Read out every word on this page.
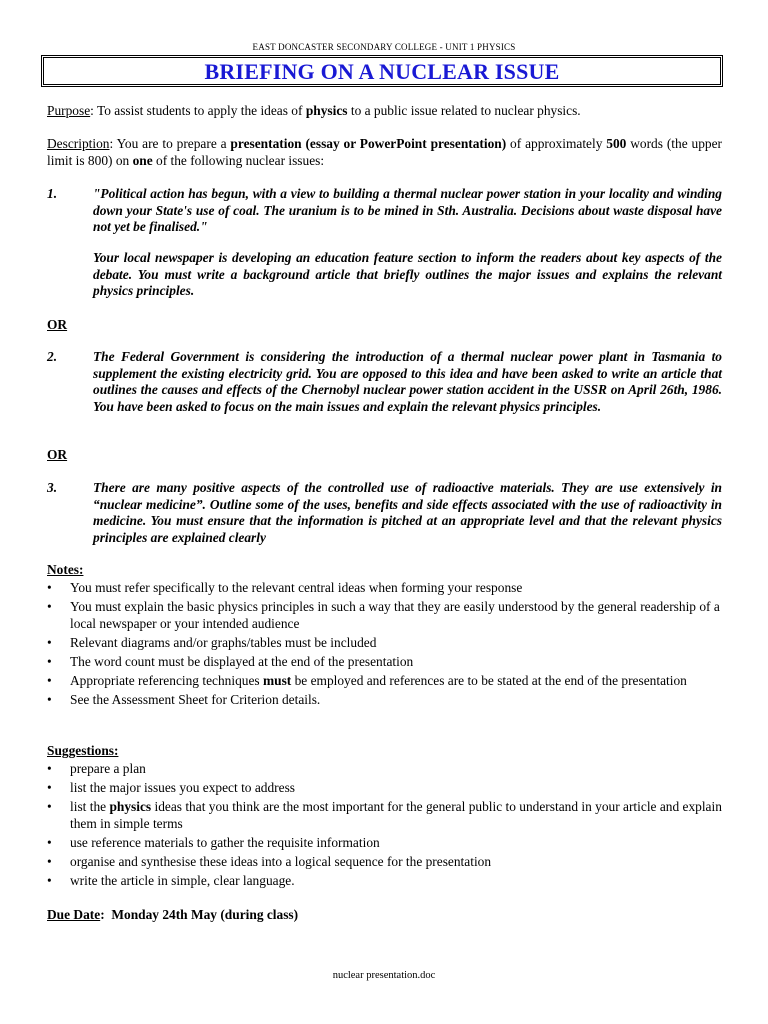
EAST DONCASTER SECONDARY COLLEGE - UNIT 1 PHYSICS
BRIEFING ON A NUCLEAR ISSUE
Purpose: To assist students to apply the ideas of physics to a public issue related to nuclear physics.
Description: You are to prepare a presentation (essay or PowerPoint presentation) of approximately 500 words (the upper limit is 800) on one of the following nuclear issues:
1.	"Political action has begun, with a view to building a thermal nuclear power station in your locality and winding down your State's use of coal. The uranium is to be mined in Sth. Australia. Decisions about waste disposal have not yet be finalised."
Your local newspaper is developing an education feature section to inform the readers about key aspects of the debate. You must write a background article that briefly outlines the major issues and explains the relevant physics principles.
OR
2.	The Federal Government is considering the introduction of a thermal nuclear power plant in Tasmania to supplement the existing electricity grid. You are opposed to this idea and have been asked to write an article that outlines the causes and effects of the Chernobyl nuclear power station accident in the USSR on April 26th, 1986. You have been asked to focus on the main issues and explain the relevant physics principles.
OR
3.	There are many positive aspects of the controlled use of radioactive materials. They are use extensively in “nuclear medicine”. Outline some of the uses, benefits and side effects associated with the use of radioactivity in medicine. You must ensure that the information is pitched at an appropriate level and that the relevant physics principles are explained clearly
Notes:
• You must refer specifically to the relevant central ideas when forming your response
• You must explain the basic physics principles in such a way that they are easily understood by the general readership of a local newspaper or your intended audience
• Relevant diagrams and/or graphs/tables must be included
• The word count must be displayed at the end of the presentation
• Appropriate referencing techniques must be employed and references are to be stated at the end of the presentation
• See the Assessment Sheet for Criterion details.
Suggestions:
• prepare a plan
• list the major issues you expect to address
• list the physics ideas that you think are the most important for the general public to understand in your article and explain them in simple terms
• use reference materials to gather the requisite information
• organise and synthesise these ideas into a logical sequence for the presentation
• write the article in simple, clear language.
Due Date: Monday 24th May (during class)
nuclear presentation.doc
